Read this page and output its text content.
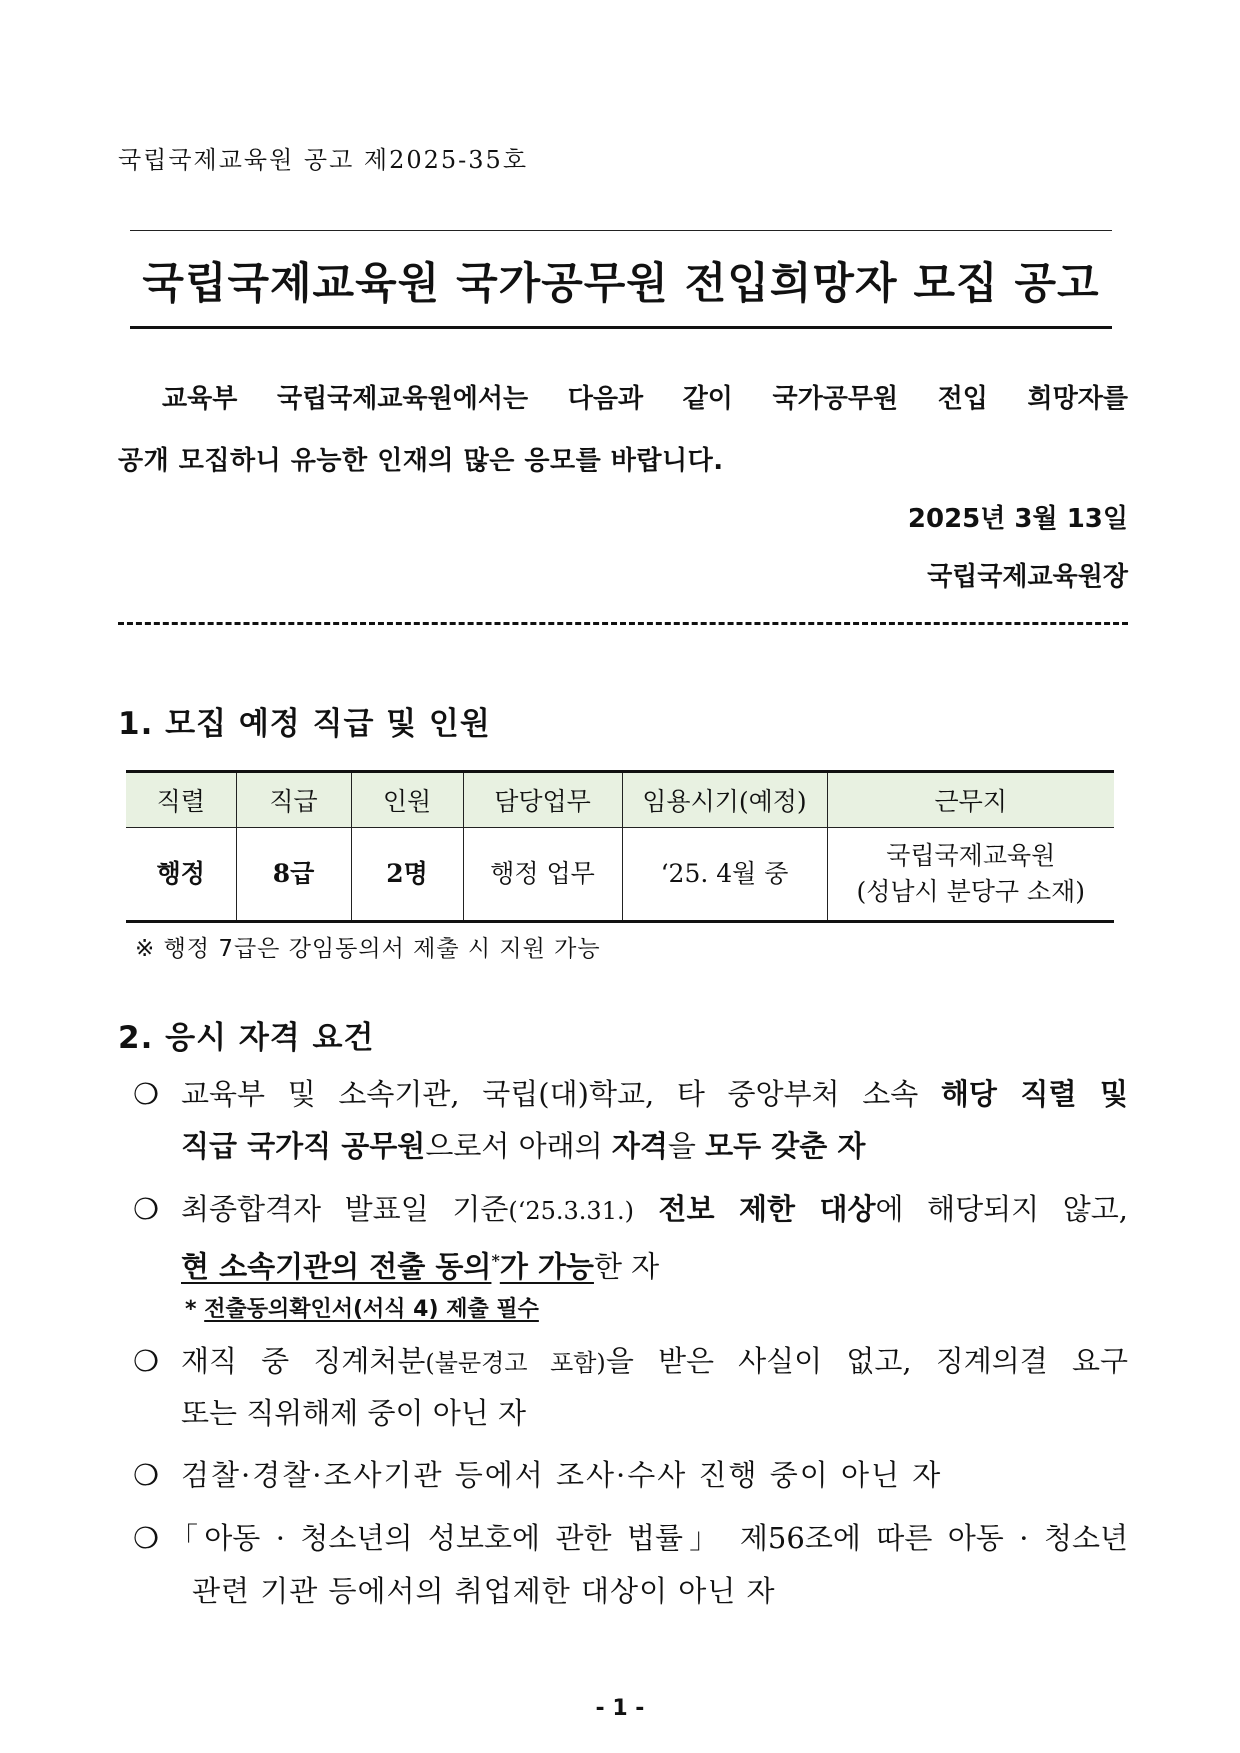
국립국제교육원 공고 제2025-35호
국립국제교육원 국가공무원 전입희망자 모집 공고
교육부 국립국제교육원에서는 다음과 같이 국가공무원 전입 희망자를
공개 모집하니 유능한 인재의 많은 응모를 바랍니다.
2025년 3월 13일
국립국제교육원장
1. 모집 예정 직급 및 인원
직렬	직급	인원	담당업무	임용시기(예정)	근무지
행정	8급	2명	행정 업무	‘25. 4월 중	국립국제교육원
(성남시 분당구 소재)
※ 행정 7급은 강임동의서 제출 시 지원 가능
2. 응시 자격 요건
❍ 교육부 및 소속기관, 국립(대)학교, 타 중앙부처 소속 해당 직렬 및
직급 국가직 공무원으로서 아래의 자격을 모두 갖춘 자
❍ 최종합격자 발표일 기준(‘25.3.31.) 전보 제한 대상에 해당되지 않고,
현 소속기관의 전출 동의*가 가능한 자
* 전출동의확인서(서식 4) 제출 필수
❍ 재직 중 징계처분(불문경고 포함)을 받은 사실이 없고, 징계의결 요구
또는 직위해제 중이 아닌 자
❍ 검찰·경찰·조사기관 등에서 조사·수사 진행 중이 아닌 자
❍ 「아동 · 청소년의 성보호에 관한 법률」 제56조에 따른 아동 · 청소년
관련 기관 등에서의 취업제한 대상이 아닌 자
- 1 -
